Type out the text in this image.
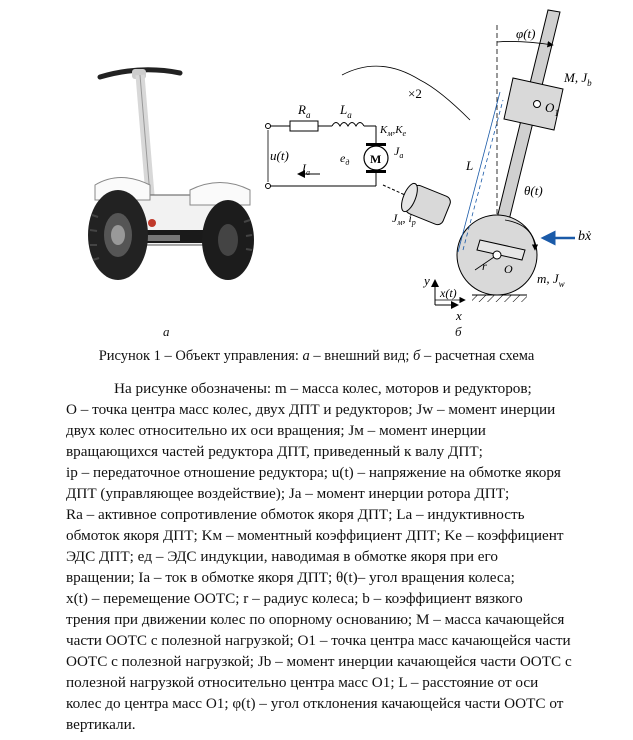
а
φ(t)
M, $J_b$
$O_1$
×2
$R_a$ $L_a$
$K_м,K_e$
$J_a$
u(t)	$e_д$ M
$I_a$	L
θ(t)
$J_м$, $i_р$
bẋ
r O
m, $J_w$
y
x(t)
x
б
Рисунок 1 – Объект управления: а – внешний вид; б – расчетная схема
На рисунке обозначены: m – масса колес, моторов и редукторов;
O – точка центра масс колес, двух ДПТ и редукторов; Jw – момент инерции
двух колес относительно их оси вращения; Jм – момент инерции
вращающихся частей редуктора ДПТ, приведенный к валу ДПТ;
iр – передаточное отношение редуктора; u(t) – напряжение на обмотке якоря
ДПТ (управляющее воздействие); Ja – момент инерции ротора ДПТ;
Ra – активное сопротивление обмоток якоря ДПТ; La – индуктивность
обмоток якоря ДПТ; Kм – моментный коэффициент ДПТ; Ke – коэффициент
ЭДС ДПТ; eд – ЭДС индукции, наводимая в обмотке якоря при его
вращении; Ia – ток в обмотке якоря ДПТ; θ(t)– угол вращения колеса;
x(t) – перемещение ООТС; r – радиус колеса; b – коэффициент вязкого
трения при движении колес по опорному основанию; M – масса качающейся
части ООТС с полезной нагрузкой; O1 – точка центра масс качающейся части
ООТС с полезной нагрузкой; Jb – момент инерции качающейся части ООТС с
полезной нагрузкой относительно центра масс O1; L – расстояние от оси
колес до центра масс O1; φ(t) – угол отклонения качающейся части ООТС от
вертикали.
